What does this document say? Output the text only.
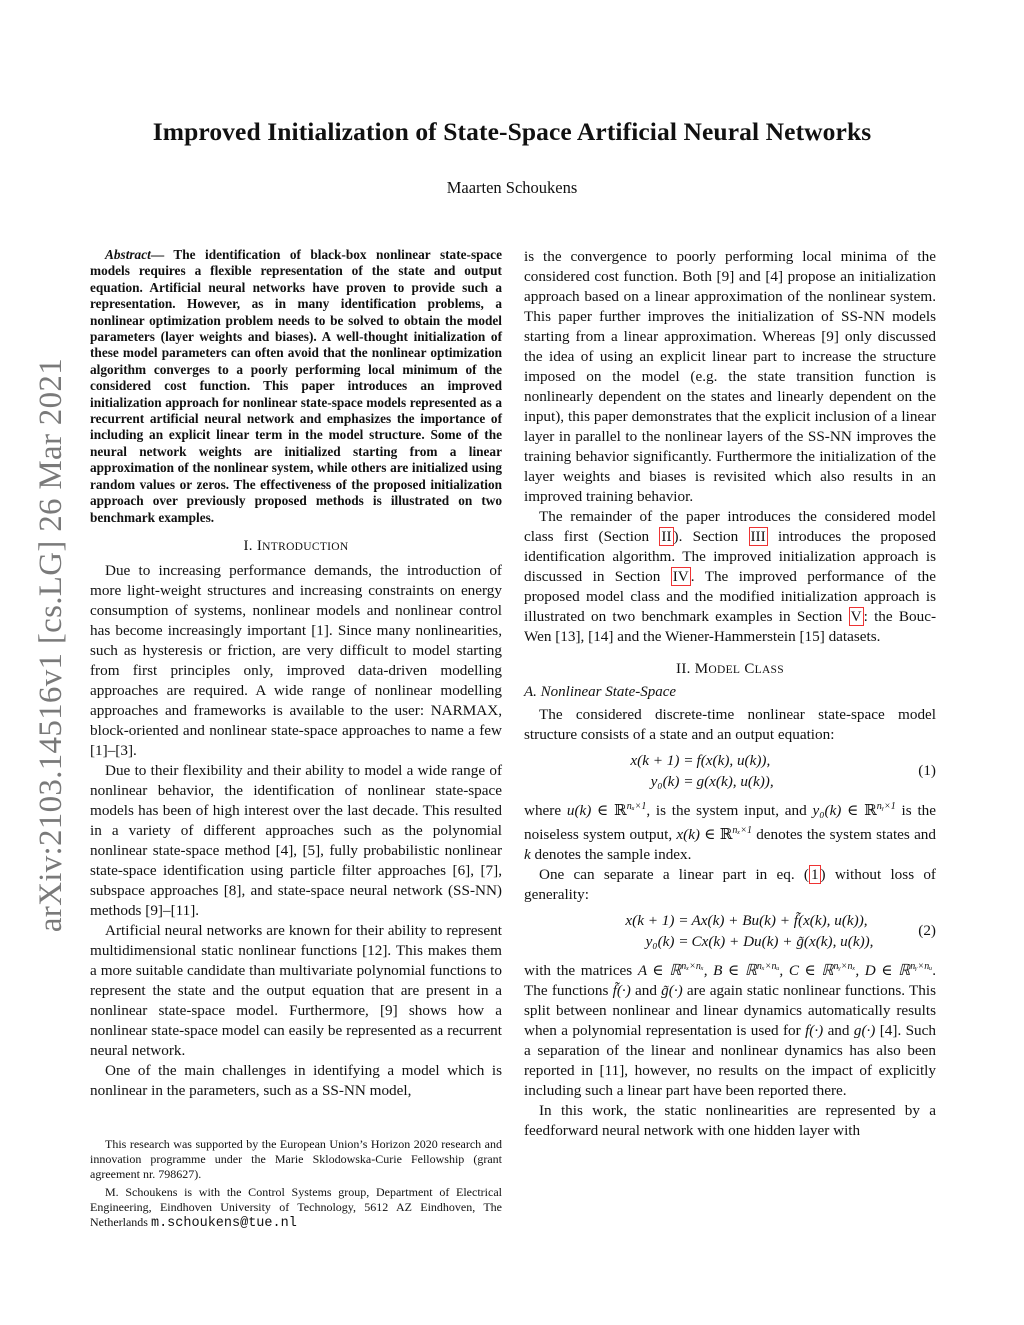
arXiv:2103.14516v1 [cs.LG] 26 Mar 2021
Improved Initialization of State-Space Artificial Neural Networks
Maarten Schoukens

Abstract— The identification of black-box nonlinear state-space models requires a flexible representation of the state and output equation. Artificial neural networks have proven to provide such a representation. However, as in many identification problems, a nonlinear optimization problem needs to be solved to obtain the model parameters (layer weights and biases). A well-thought initialization of these model parameters can often avoid that the nonlinear optimization algorithm converges to a poorly performing local minimum of the considered cost function. This paper introduces an improved initialization approach for nonlinear state-space models represented as a recurrent artificial neural network and emphasizes the importance of including an explicit linear term in the model structure. Some of the neural network weights are initialized starting from a linear approximation of the nonlinear system, while others are initialized using random values or zeros. The effectiveness of the proposed initialization approach over previously proposed methods is illustrated on two benchmark examples.

I. INTRODUCTION

Due to increasing performance demands, the introduction of more light-weight structures and increasing constraints on energy consumption of systems, nonlinear models and nonlinear control has become increasingly important [1]. Since many nonlinearities, such as hysteresis or friction, are very difficult to model starting from first principles only, improved data-driven modelling approaches are required. A wide range of nonlinear modelling approaches and frameworks is available to the user: NARMAX, block-oriented and nonlinear state-space approaches to name a few [1]–[3].

Due to their flexibility and their ability to model a wide range of nonlinear behavior, the identification of nonlinear state-space models has been of high interest over the last decade. This resulted in a variety of different approaches such as the polynomial nonlinear state-space method [4], [5], fully probabilistic nonlinear state-space identification using particle filter approaches [6], [7], subspace approaches [8], and state-space neural network (SS-NN) methods [9]–[11].

Artificial neural networks are known for their ability to represent multidimensional static nonlinear functions [12]. This makes them a more suitable candidate than multivariate polynomial functions to represent the state and the output equation that are present in a nonlinear state-space model. Furthermore, [9] shows how a nonlinear state-space model can easily be represented as a recurrent neural network.

One of the main challenges in identifying a model which is nonlinear in the parameters, such as a SS-NN model,

is the convergence to poorly performing local minima of the considered cost function. Both [9] and [4] propose an initialization approach based on a linear approximation of the nonlinear system. This paper further improves the initialization of SS-NN models starting from a linear approximation. Whereas [9] only discussed the idea of using an explicit linear part to increase the structure imposed on the model (e.g. the state transition function is nonlinearly dependent on the states and linearly dependent on the input), this paper demonstrates that the explicit inclusion of a linear layer in parallel to the nonlinear layers of the SS-NN improves the training behavior significantly. Furthermore the initialization of the layer weights and biases is revisited which also results in an improved training behavior.

The remainder of the paper introduces the considered model class first (Section II ). Section III introduces the proposed identification algorithm. The improved initialization approach is discussed in Section IV . The improved performance of the proposed model class and the modified initialization approach is illustrated on two benchmark examples in Section V : the Bouc-Wen [13], [14] and the Wiener-Hammerstein [15] datasets.

II. MODEL CLASS
A. Nonlinear State-Space

The considered discrete-time nonlinear state-space model structure consists of a state and an output equation:

x(k + 1) = f(x(k), u(k)),
y₀(k) = g(x(k), u(k)),
(1)

where u(k) ∈ ℝ$^{nᵤ\times 1}$, is the system input, and y₀(k) ∈ ℝ$^{nᵧ\times 1}$ is the noiseless system output, x(k) ∈ ℝ$^{n_x\times 1}$ denotes the system states and k denotes the sample index.

One can separate a linear part in eq. ( 1 ) without loss of generality:

x(k + 1) = Ax(k) + Bu(k) + f̃(x(k), u(k)),
y₀(k) = Cx(k) + Du(k) + g̃(x(k), u(k)),
(2)

with the matrices A ∈ ℝ$^{n_x\times n_x}$, B ∈ ℝ$^{n_x\times nᵤ}$, C ∈ ℝ$^{nᵧ\times n_x}$, D ∈ ℝ$^{nᵧ\times nᵤ}$. The functions f̃(·) and g̃(·) are again static nonlinear functions. This split between nonlinear and linear dynamics automatically results when a polynomial representation is used for f(·) and g(·) [4]. Such a separation of the linear and nonlinear dynamics has also been reported in [11], however, no results on the impact of explicitly including such a linear part have been reported there.

In this work, the static nonlinearities are represented by a feedforward neural network with one hidden layer with

This research was supported by the European Union’s Horizon 2020 research and innovation programme under the Marie Sklodowska-Curie Fellowship (grant agreement nr. 798627).

M. Schoukens is with the Control Systems group, Department of Electrical Engineering, Eindhoven University of Technology, 5612 AZ Eindhoven, The Netherlands m.schoukens@tue.nl
